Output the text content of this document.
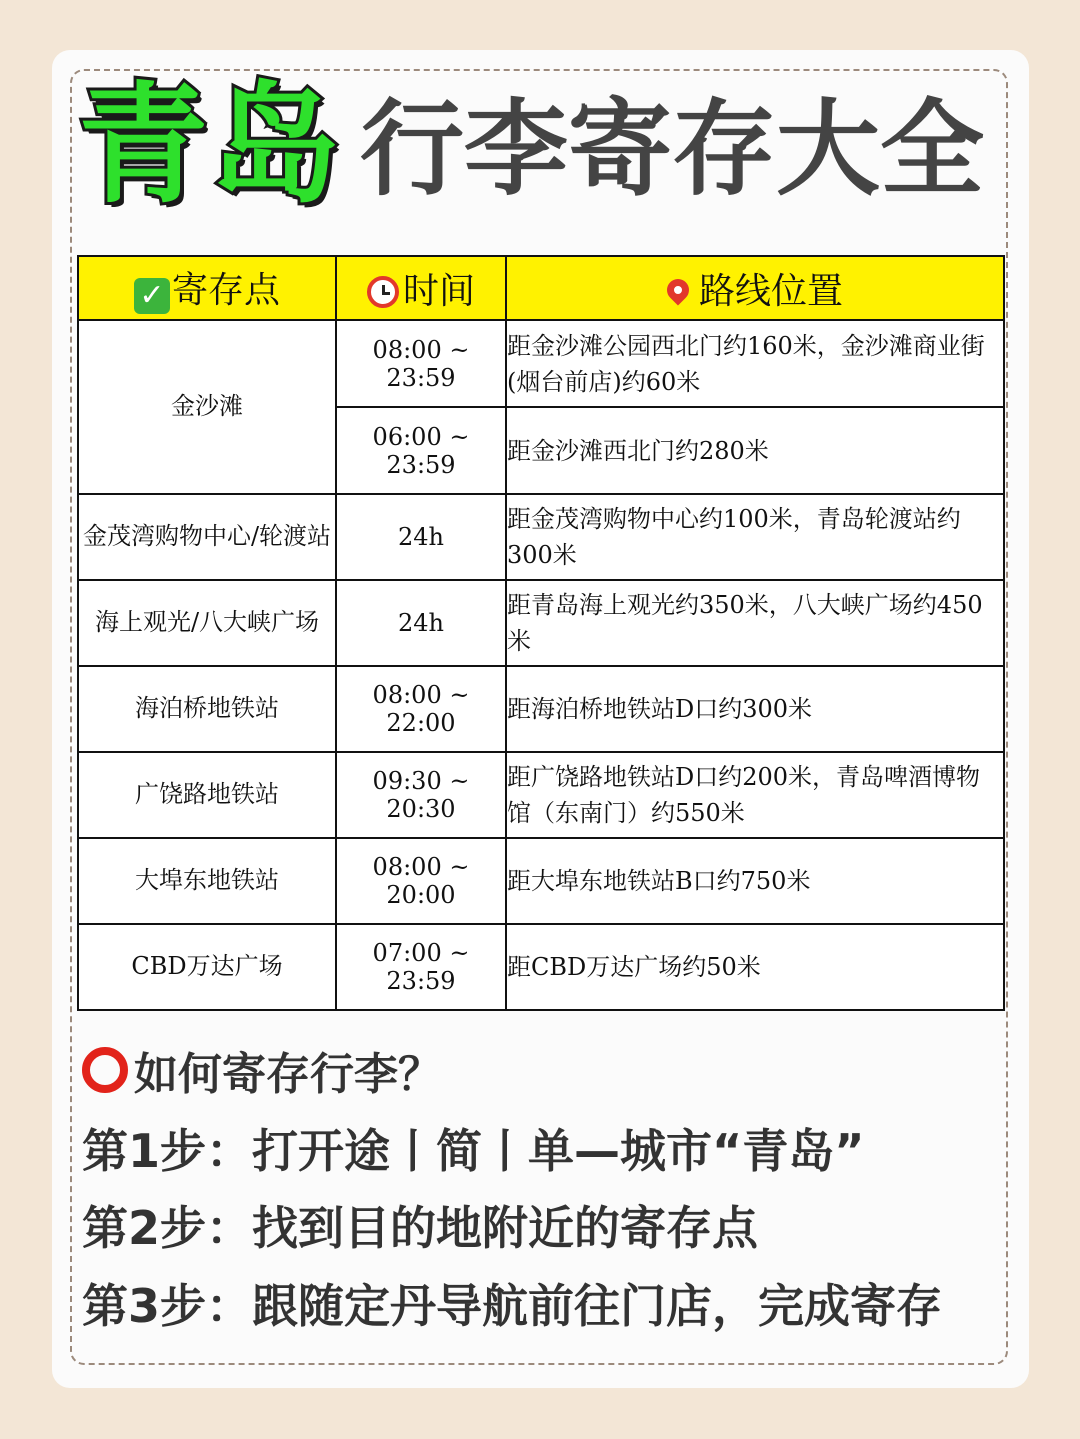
青岛 行李寄存大全
✓ 寄存点	时间	路线位置
金沙滩	08:00 ~ 23:59	距金沙滩公园西北门约160米，金沙滩商业街(烟台前店)约60米
	06:00 ~ 23:59	距金沙滩西北门约280米
金茂湾购物中心/轮渡站	24h	距金茂湾购物中心约100米，青岛轮渡站约300米
海上观光/八大峡广场	24h	距青岛海上观光约350米，八大峡广场约450米
海泊桥地铁站	08:00 ~ 22:00	距海泊桥地铁站D口约300米
广饶路地铁站	09:30 ~ 20:30	距广饶路地铁站D口约200米，青岛啤酒博物馆（东南门）约550米
大埠东地铁站	08:00 ~ 20:00	距大埠东地铁站B口约750米
CBD万达广场	07:00 ~ 23:59	距CBD万达广场约50米
如何寄存行李？
第1步：打开途丨简丨单—城市“青岛”
第2步：找到目的地附近的寄存点
第3步：跟随定丹导航前往门店，完成寄存
